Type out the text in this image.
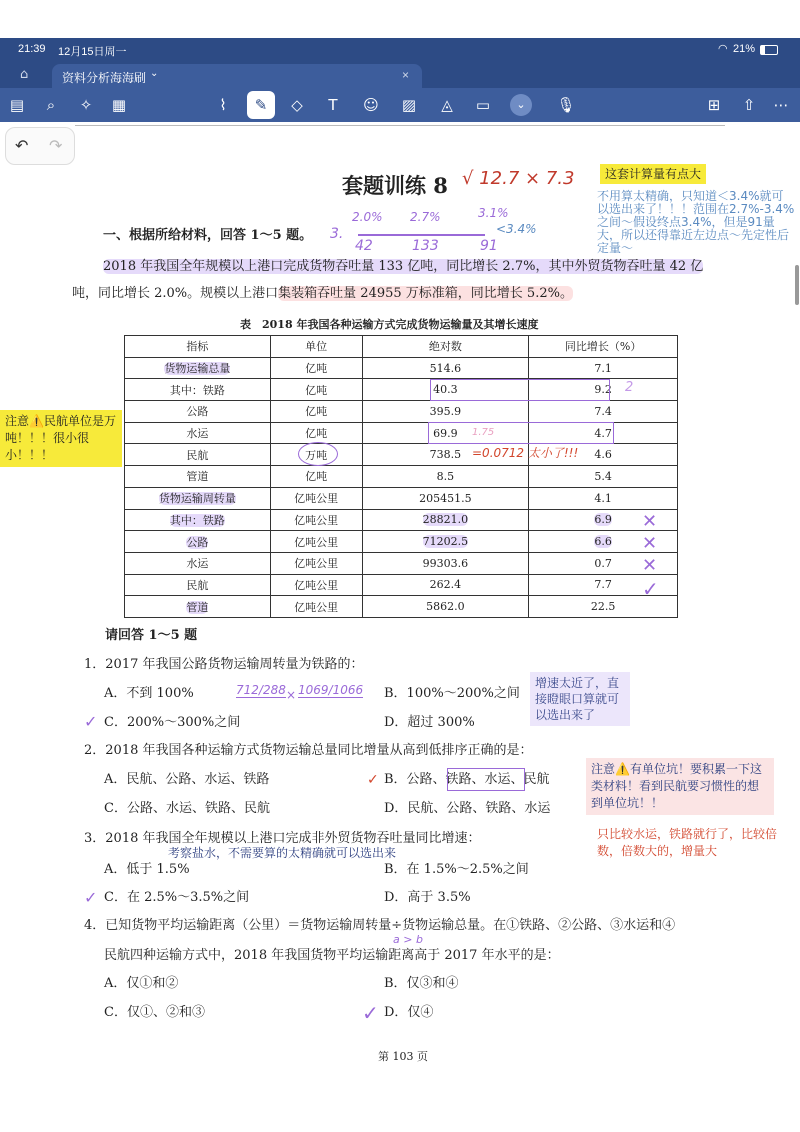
21:39 12月15日周一	◠ 21%
⌂	资料分析海海刷 ⌄	×
▤	⌕	✧	▦	⌇	✎	◇	T	☺ ▨	◬	▭	⌄	🎙	⊞	⇧	⋯
↶ ↷
套题训练 8 √ 12.7 × 7.3	这套计算量有点大
不用算太精确，只知道＜3.4%就可以选出来了！！！范围在2.7%-3.4%之间～假设终点3.4%，但是91量大，所以还得靠近左边点～先定性后定量～
一、根据所给材料，回答 1～5 题。 3.
2.0% 2.7%	3.1%
42	133	91
<3.4%
2018 年我国全年规模以上港口完成货物吞吐量 133 亿吨，同比增长 2.7%，其中外贸货物吞吐量 42 亿
吨，同比增长 2.0%。规模以上港口集装箱吞吐量 24955 万标准箱，同比增长 5.2%。
表　2018 年我国各种运输方式完成货物运输量及其增长速度
指标	单位	绝对数	同比增长（%）
货物运输总量	亿吨	514.6	7.1
其中：铁路	亿吨	40.3	9.2
公路	亿吨	395.9	7.4
水运	亿吨	69.9	4.7
民航	万吨	738.5	4.6
管道	亿吨	8.5	5.4
货物运输周转量	亿吨公里	205451.5	4.1
其中：铁路	亿吨公里	28821.0	6.9
公路	亿吨公里	71202.5	6.6
水运	亿吨公里	99303.6	0.7
民航	亿吨公里	262.4	7.7
管道	亿吨公里	5862.0	22.5
1.75
2
=0.0712 太小了!!!
注意⚠️民航单位是万吨！！！很小很小！！！
✕
✕
✕
✓
请回答 1～5 题
1．2017 年我国公路货物运输周转量为铁路的：
A．不到 100%	B．100%～200%之间
C．200%～300%之间	D．超过 300%
✓
712/288 × 1069/1066	增速太近了，直接瞪眼口算就可以选出来了
2．2018 年我国各种运输方式货物运输总量同比增量从高到低排序正确的是：
A．民航、公路、水运、铁路	B．公路、铁路、水运、民航
C．公路、水运、铁路、民航	D．民航、公路、铁路、水运
✓
注意⚠️有单位坑！要积累一下这类材料！看到民航要习惯性的想到单位坑！！
只比较水运，铁路就行了，比较倍数，倍数大的，增量大
3．2018 年我国全年规模以上港口完成非外贸货物吞吐量同比增速：
考察盐水，不需要算的太精确就可以选出来
A．低于 1.5%	B．在 1.5%～2.5%之间
C．在 2.5%～3.5%之间	D．高于 3.5%
✓
4．已知货物平均运输距离（公里）＝货物运输周转量÷货物运输总量。在①铁路、②公路、③水运和④
a > b
民航四种运输方式中，2018 年我国货物平均运输距离高于 2017 年水平的是：
A．仅①和②	B．仅③和④
C．仅①、②和③	D．仅④
✓
第 103 页
